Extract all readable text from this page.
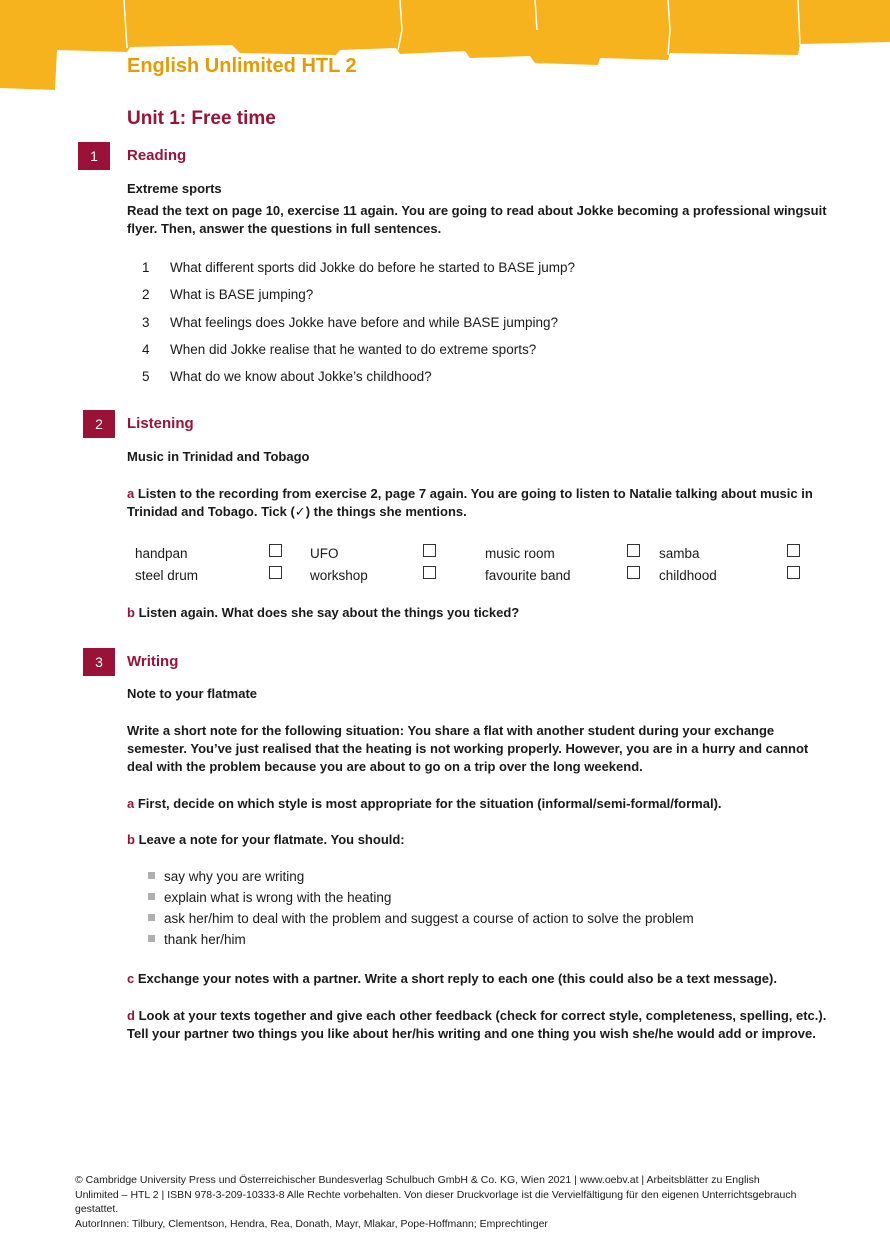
English Unlimited HTL 2
Unit 1: Free time
1	Reading

Extreme sports

Read the text on page 10, exercise 11 again. You are going to read about Jokke becoming a professional wingsuit flyer. Then, answer the questions in full sentences.

1 What different sports did Jokke do before he started to BASE jump?
2 What is BASE jumping?
3 What feelings does Jokke have before and while BASE jumping?
4 When did Jokke realise that he wanted to do extreme sports?
5 What do we know about Jokke’s childhood?
2	Listening

Music in Trinidad and Tobago

a Listen to the recording from exercise 2, page 7 again. You are going to listen to Natalie talking about music in Trinidad and Tobago. Tick (✓) the things she mentions.

handpan	UFO	music room	samba
steel drum	workshop	favourite band	childhood

b Listen again. What does she say about the things you ticked?

3	Writing

Note to your flatmate

Write a short note for the following situation: You share a flat with another student during your exchange semester. You’ve just realised that the heating is not working properly. However, you are in a hurry and cannot deal with the problem because you are about to go on a trip over the long weekend.

a First, decide on which style is most appropriate for the situation (informal/semi-formal/formal).

b Leave a note for your flatmate. You should:

say why you are writing
explain what is wrong with the heating
ask her/him to deal with the problem and suggest a course of action to solve the problem
thank her/him

c Exchange your notes with a partner. Write a short reply to each one (this could also be a text message).

d Look at your texts together and give each other feedback (check for correct style, completeness, spelling, etc.). Tell your partner two things you like about her/his writing and one thing you wish she/he would add or improve.

© Cambridge University Press und Österreichischer Bundesverlag Schulbuch GmbH & Co. KG, Wien 2021 | www.oebv.at | Arbeitsblätter zu English Unlimited – HTL 2 | ISBN 978-3-209-10333-8 Alle Rechte vorbehalten. Von dieser Druckvorlage ist die Vervielfältigung für den eigenen Unterrichtsgebrauch gestattet.

AutorInnen: Tilbury, Clementson, Hendra, Rea, Donath, Mayr, Mlakar, Pope-Hoffmann; Emprechtinger
